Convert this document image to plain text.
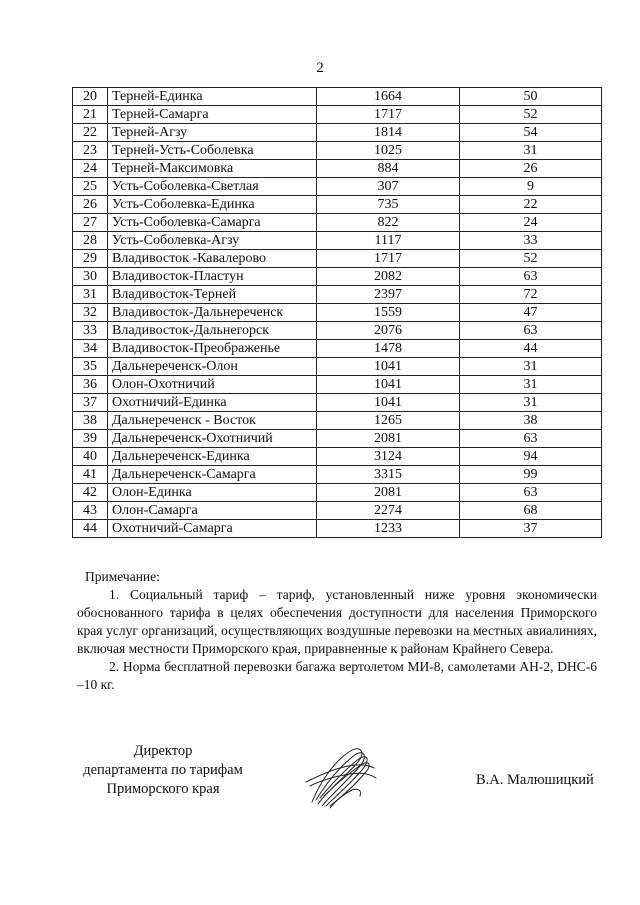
2
20	Терней-Единка	1664	50
21	Терней-Самарга	1717	52
22	Терней-Агзу	1814	54
23	Терней-Усть-Соболевка	1025	31
24	Терней-Максимовка	884	26
25	Усть-Соболевка-Светлая	307	9
26	Усть-Соболевка-Единка	735	22
27	Усть-Соболевка-Самарга	822	24
28	Усть-Соболевка-Агзу	1117	33
29	Владивосток -Кавалерово	1717	52
30	Владивосток-Пластун	2082	63
31	Владивосток-Терней	2397	72
32	Владивосток-Дальнереченск	1559	47
33	Владивосток-Дальнегорск	2076	63
34	Владивосток-Преображенье	1478	44
35	Дальнереченск-Олон	1041	31
36	Олон-Охотничий	1041	31
37	Охотничий-Единка	1041	31
38	Дальнереченск - Восток	1265	38
39	Дальнереченск-Охотничий	2081	63
40	Дальнереченск-Единка	3124	94
41	Дальнереченск-Самарга	3315	99
42	Олон-Единка	2081	63
43	Олон-Самарга	2274	68
44	Охотничий-Самарга	1233	37

Примечание:

1. Социальный тариф – тариф, установленный ниже уровня экономически обоснованного тарифа в целях обеспечения доступности для населения Приморского края услуг организаций, осуществляющих воздушные перевозки на местных авиалиниях, включая местности Приморского края, приравненные к районам Крайнего Севера.

2. Норма бесплатной перевозки багажа вертолетом МИ-8, самолетами АН-2, DHC-6 –10 кг.

Директор
департамента по тарифам
Приморского края
В.А. Малюшицкий
